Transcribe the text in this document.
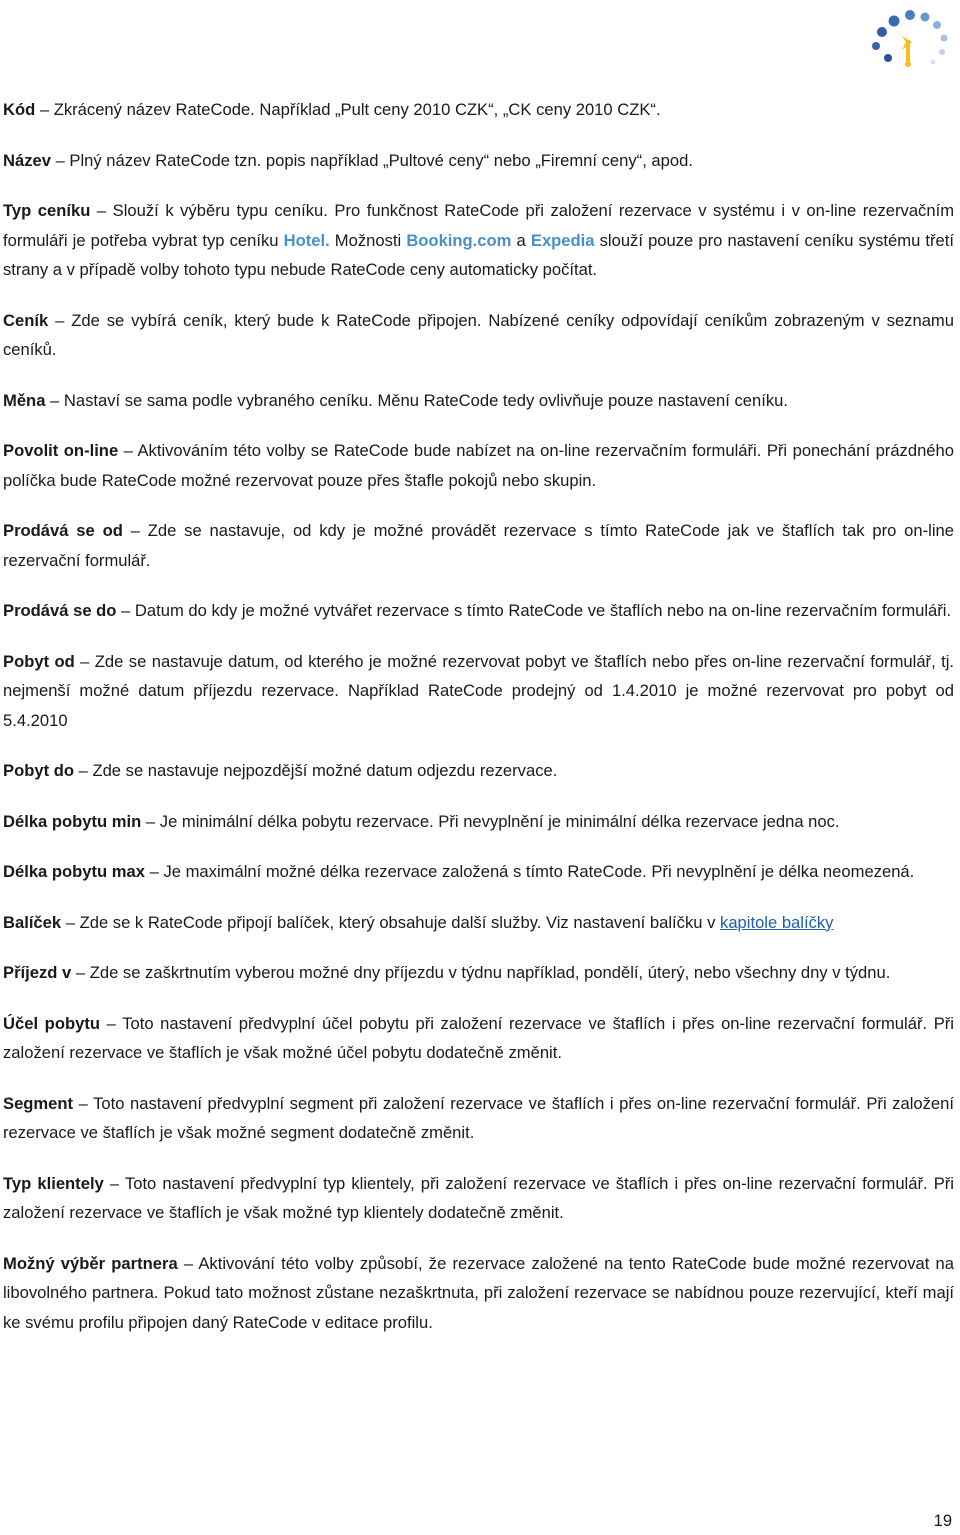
Kód – Zkrácený název RateCode. Například „Pult ceny 2010 CZK“, „CK ceny 2010 CZK“.

Název – Plný název RateCode tzn. popis například „Pultové ceny“ nebo „Firemní ceny“, apod.

Typ ceníku – Slouží k výběru typu ceníku. Pro funkčnost RateCode při založení rezervace v systému i v on-line rezervačním formuláři je potřeba vybrat typ ceníku Hotel. Možnosti Booking.com a Expedia slouží pouze pro nastavení ceníku systému třetí strany a v případě volby tohoto typu nebude RateCode ceny automaticky počítat.

Ceník – Zde se vybírá ceník, který bude k RateCode připojen. Nabízené ceníky odpovídají ceníkům zobrazeným v seznamu ceníků.

Měna – Nastaví se sama podle vybraného ceníku. Měnu RateCode tedy ovlivňuje pouze nastavení ceníku.

Povolit on-line – Aktivováním této volby se RateCode bude nabízet na on-line rezervačním formuláři. Při ponechání prázdného políčka bude RateCode možné rezervovat pouze přes štafle pokojů nebo skupin.

Prodává se od – Zde se nastavuje, od kdy je možné provádět rezervace s tímto RateCode jak ve štaflích tak pro on-line rezervační formulář.

Prodává se do – Datum do kdy je možné vytvářet rezervace s tímto RateCode ve štaflích nebo na on-line rezervačním formuláři.

Pobyt od – Zde se nastavuje datum, od kterého je možné rezervovat pobyt ve štaflích nebo přes on-line rezervační formulář, tj. nejmenší možné datum příjezdu rezervace. Například RateCode prodejný od 1.4.2010 je možné rezervovat pro pobyt od 5.4.2010

Pobyt do – Zde se nastavuje nejpozdější možné datum odjezdu rezervace.

Délka pobytu min – Je minimální délka pobytu rezervace. Při nevyplnění je minimální délka rezervace jedna noc.

Délka pobytu max – Je maximální možné délka rezervace založená s tímto RateCode. Při nevyplnění je délka neomezená.

Balíček – Zde se k RateCode připojí balíček, který obsahuje další služby. Viz nastavení balíčku v kapitole balíčky

Příjezd v – Zde se zaškrtnutím vyberou možné dny příjezdu v týdnu například, pondělí, úterý, nebo všechny dny v týdnu.

Účel pobytu – Toto nastavení předvyplní účel pobytu při založení rezervace ve štaflích i přes on-line rezervační formulář. Při založení rezervace ve štaflích je však možné účel pobytu dodatečně změnit.

Segment – Toto nastavení předvyplní segment při založení rezervace ve štaflích i přes on-line rezervační formulář. Při založení rezervace ve štaflích je však možné segment dodatečně změnit.

Typ klientely – Toto nastavení předvyplní typ klientely, při založení rezervace ve štaflích i přes on-line rezervační formulář. Při založení rezervace ve štaflích je však možné typ klientely dodatečně změnit.

Možný výběr partnera – Aktivování této volby způsobí, že rezervace založené na tento RateCode bude možné rezervovat na libovolného partnera. Pokud tato možnost zůstane nezaškrtnuta, při založení rezervace se nabídnou pouze rezervující, kteří mají ke svému profilu připojen daný RateCode v editace profilu.

19
